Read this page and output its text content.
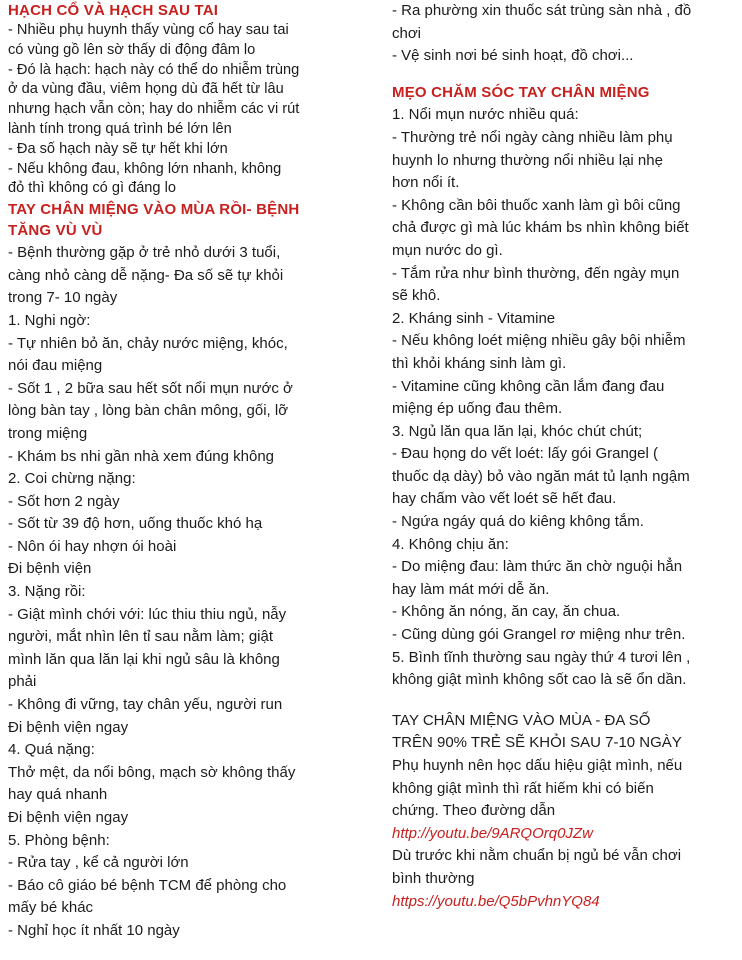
HẠCH CỔ VÀ HẠCH SAU TAI
- Nhiều phụ huynh thấy vùng cổ hay sau tai
có vùng gồ lên sờ thấy di động đâm lo
- Đó là hạch: hạch này có thể do nhiễm trùng
ở da vùng đầu, viêm họng dù đã hết từ lâu
nhưng hạch vẫn còn; hay do nhiễm các vi rút
lành tính trong quá trình bé lớn lên
- Đa số hạch này sẽ tự hết khi lớn
- Nếu không đau, không lớn nhanh, không
đỏ thì không có gì đáng lo
TAY CHÂN MIỆNG VÀO MÙA RỒI- BỆNH
TĂNG VÙ VÙ
- Bệnh thường gặp ở trẻ nhỏ dưới 3 tuổi,
càng nhỏ càng dễ nặng- Đa số sẽ tự khỏi
trong 7- 10 ngày
1. Nghi ngờ:
- Tự nhiên bỏ ăn, chảy nước miệng, khóc,
nói đau miệng
- Sốt 1 , 2 bữa sau hết sốt nổi mụn nước ở
lòng bàn tay , lòng bàn chân mông, gối, lỡ
trong miệng
- Khám bs nhi gần nhà xem đúng không
2. Coi chừng nặng:
- Sốt hơn 2 ngày
- Sốt từ 39 độ hơn, uống thuốc khó hạ
- Nôn ói hay nhợn ói hoài
Đi bệnh viện
3. Nặng rồi:
- Giật mình chới với: lúc thiu thiu ngủ, nẫy
người, mắt nhìn lên tỉ sau nằm làm; giật
mình lăn qua lăn lại khi ngủ sâu là không
phải
- Không đi vững, tay chân yếu, người run
Đi bệnh viện ngay
4. Quá nặng:
Thở mệt, da nổi bông, mạch sờ không thấy
hay quá nhanh
Đi bệnh viện ngay
5. Phòng bệnh:
- Rửa tay , kể cả người lớn
- Báo cô giáo bé bệnh TCM để phòng cho
mấy bé khác
- Nghỉ học ít nhất 10 ngày
- Ra phường xin thuốc sát trùng sàn nhà , đồ
chơi
- Vệ sinh nơi bé sinh hoạt, đồ chơi...
MẸO CHĂM SÓC TAY CHÂN MIỆNG
1. Nổi mụn nước nhiều quá:
- Thường trẻ nổi ngày càng nhiều làm phụ
huynh lo nhưng thường nổi nhiều lại nhẹ
hơn nổi ít.
- Không cần bôi thuốc xanh làm gì bôi cũng
chả được gì mà lúc khám bs nhìn không biết
mụn nước do gì.
- Tắm rửa như bình thường, đến ngày mụn
sẽ khô.
2. Kháng sinh - Vitamine
- Nếu không loét miệng nhiều gây bội nhiễm
thì khỏi kháng sinh làm gì.
- Vitamine cũng không cần lắm đang đau
miệng ép uống đau thêm.
3. Ngủ lăn qua lăn lại, khóc chút chút;
- Đau họng do vết loét: lấy gói Grangel (
thuốc dạ dày) bỏ vào ngăn mát tủ lạnh ngậm
hay chấm vào vết loét sẽ hết đau.
- Ngứa ngáy quá do kiêng không tắm.
4. Không chịu ăn:
- Do miệng đau: làm thức ăn chờ nguội hẳn
hay làm mát mới dễ ăn.
- Không ăn nóng, ăn cay, ăn chua.
- Cũng dùng gói Grangel rơ miệng như trên.
5. Bình tĩnh thường sau ngày thứ 4 tươi lên ,
không giật mình không sốt cao là sẽ ổn dần.
TAY CHÂN MIỆNG VÀO MÙA - ĐA SỐ
TRÊN 90% TRẺ SẼ KHỎI SAU 7-10 NGÀY
Phụ huynh nên học dấu hiệu giật mình, nếu
không giật mình thì rất hiếm khi có biến
chứng. Theo đường dẫn
http://youtu.be/9ARQOrq0JZw
Dù trước khi nằm chuẩn bị ngủ bé vẫn chơi
bình thường
https://youtu.be/Q5bPvhnYQ84
